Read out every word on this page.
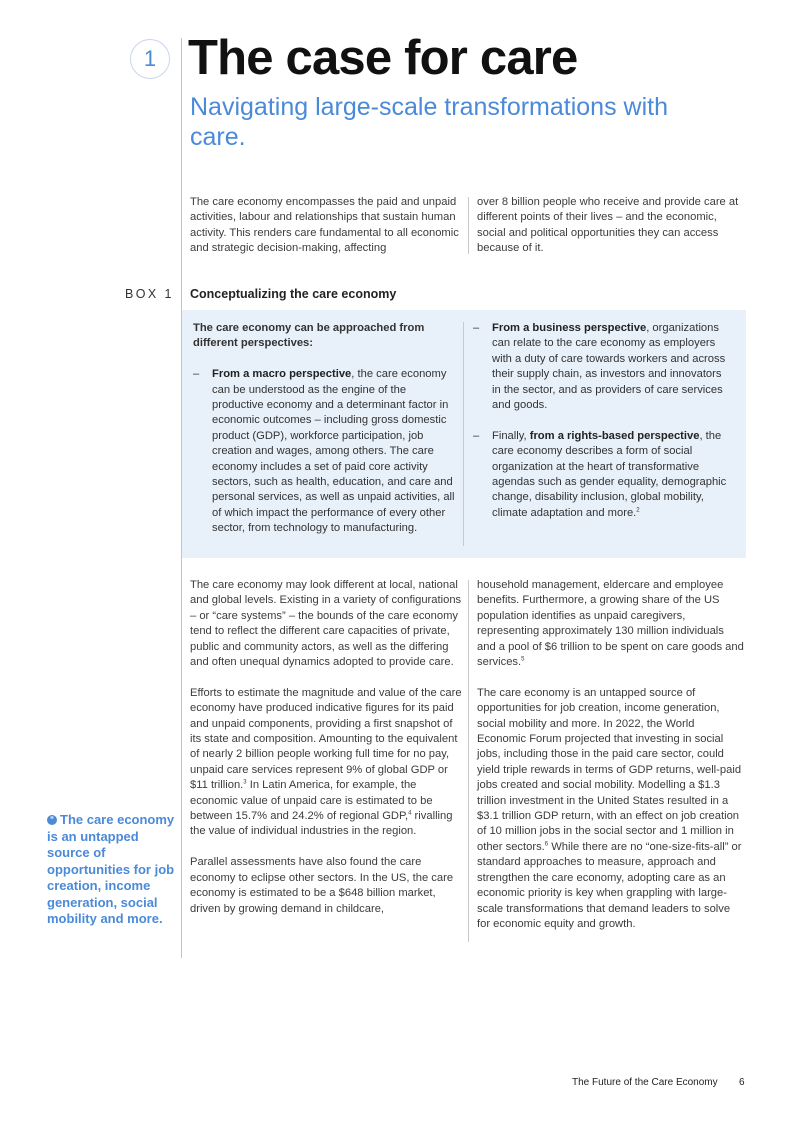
1 The case for care
Navigating large-scale transformations with care.

The care economy encompasses the paid and unpaid activities, labour and relationships that sustain human activity. This renders care fundamental to all economic and strategic decision-making, affecting

over 8 billion people who receive and provide care at different points of their lives – and the economic, social and political opportunities they can access because of it.

BOX 1 Conceptualizing the care economy

The care economy can be approached from different perspectives:

– From a macro perspective, the care economy can be understood as the engine of the productive economy and a determinant factor in economic outcomes – including gross domestic product (GDP), workforce participation, job creation and wages, among others. The care economy includes a set of paid core activity sectors, such as health, education, and care and personal services, as well as unpaid activities, all of which impact the performance of every other sector, from technology to manufacturing.
– From a business perspective, organizations can relate to the care economy as employers with a duty of care towards workers and across their supply chain, as investors and innovators in the sector, and as providers of care services and goods.
– Finally, from a rights-based perspective, the care economy describes a form of social organization at the heart of transformative agendas such as gender equality, demographic change, disability inclusion, global mobility, climate adaptation and more.$^2$

The care economy may look different at local, national and global levels. Existing in a variety of configurations – or “care systems” – the bounds of the care economy tend to reflect the different care capacities of private, public and community actors, as well as the differing and often unequal dynamics adopted to provide care.

Efforts to estimate the magnitude and value of the care economy have produced indicative figures for its paid and unpaid components, providing a first snapshot of its state and composition. Amounting to the equivalent of nearly 2 billion people working full time for no pay, unpaid care services represent 9% of global GDP or $11 trillion.$^3$ In Latin America, for example, the economic value of unpaid care is estimated to be between 15.7% and 24.2% of regional GDP,$^4$ rivalling the value of individual industries in the region.

Parallel assessments have also found the care economy to eclipse other sectors. In the US, the care economy is estimated to be a $648 billion market, driven by growing demand in childcare,

household management, eldercare and employee benefits. Furthermore, a growing share of the US population identifies as unpaid caregivers, representing approximately 130 million individuals and a pool of $6 trillion to be spent on care goods and services.$^5$

The care economy is an untapped source of opportunities for job creation, income generation, social mobility and more. In 2022, the World Economic Forum projected that investing in social jobs, including those in the paid care sector, could yield triple rewards in terms of GDP returns, well-paid jobs created and social mobility. Modelling a $1.3 trillion investment in the United States resulted in a $3.1 trillion GDP return, with an effect on job creation of 10 million jobs in the social sector and 1 million in other sectors.$^6$ While there are no “one-size-fits-all” or standard approaches to measure, approach and strengthen the care economy, adopting care as an economic priority is key when grappling with large-scale transformations that demand leaders to solve for economic equity and growth.

“ The care economy is an untapped source of opportunities for job creation, income generation, social mobility and more.
The Future of the Care Economy 6
